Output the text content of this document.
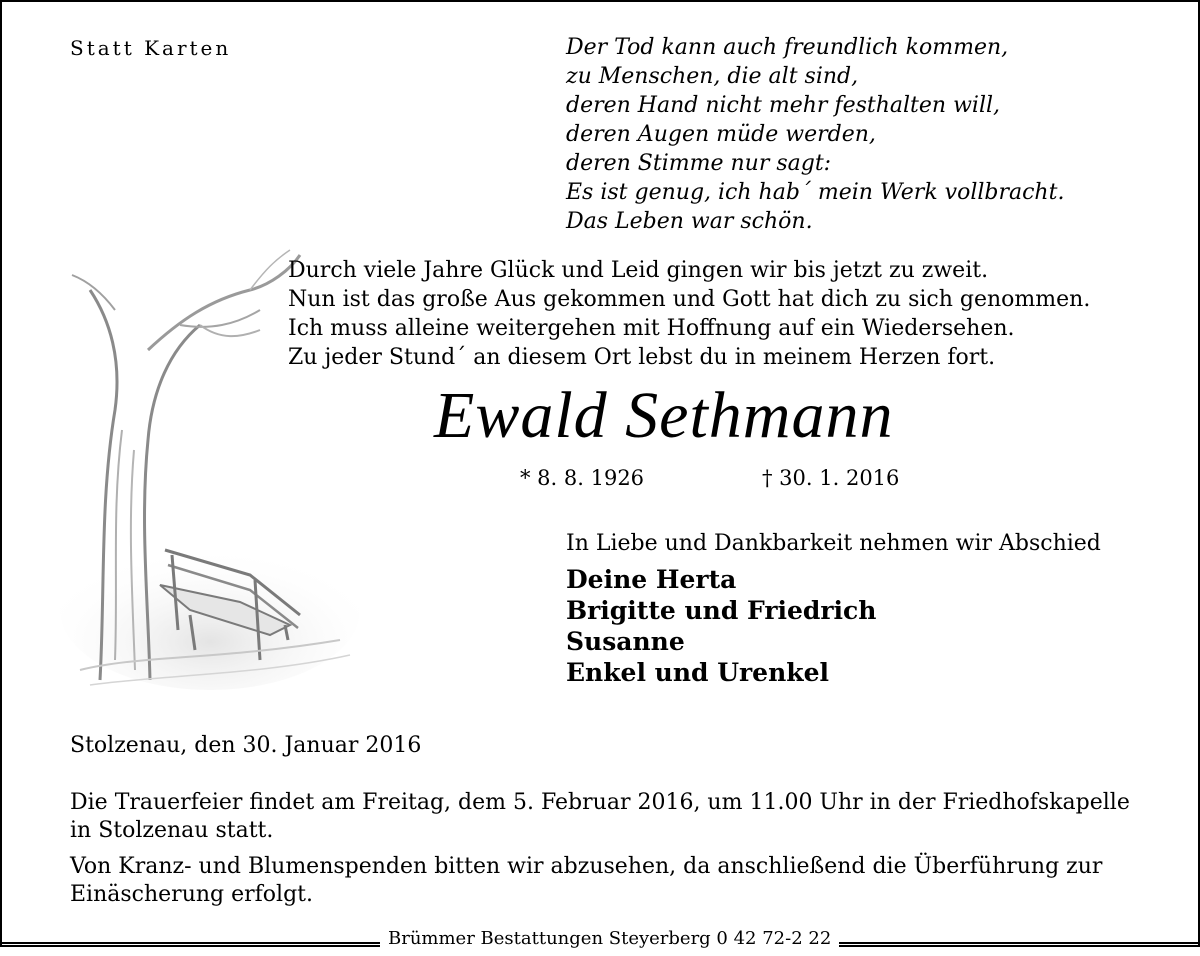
Statt Karten	Der Tod kann auch freundlich kommen,

zu Menschen, die alt sind,

deren Hand nicht mehr festhalten will,

deren Augen müde werden,

deren Stimme nur sagt:

Es ist genug, ich hab´ mein Werk vollbracht.

Das Leben war schön.

Durch viele Jahre Glück und Leid gingen wir bis jetzt zu zweit.

Nun ist das große Aus gekommen und Gott hat dich zu sich genommen.

Ich muss alleine weitergehen mit Hoffnung auf ein Wiedersehen.

Zu jeder Stund´ an diesem Ort lebst du in meinem Herzen fort.

Ewald Sethmann
* 8. 8. 1926	† 30. 1. 2016
In Liebe und Dankbarkeit nehmen wir Abschied

Deine Herta

Brigitte und Friedrich

Susanne

Enkel und Urenkel

Stolzenau, den 30. Januar 2016
Die Trauerfeier findet am Freitag, dem 5. Februar 2016, um 11.00 Uhr in der Friedhofskapelle in Stolzenau statt.
Von Kranz- und Blumenspenden bitten wir abzusehen, da anschließend die Überführung zur Einäscherung erfolgt.
Brümmer Bestattungen Steyerberg 0 42 72-2 22
